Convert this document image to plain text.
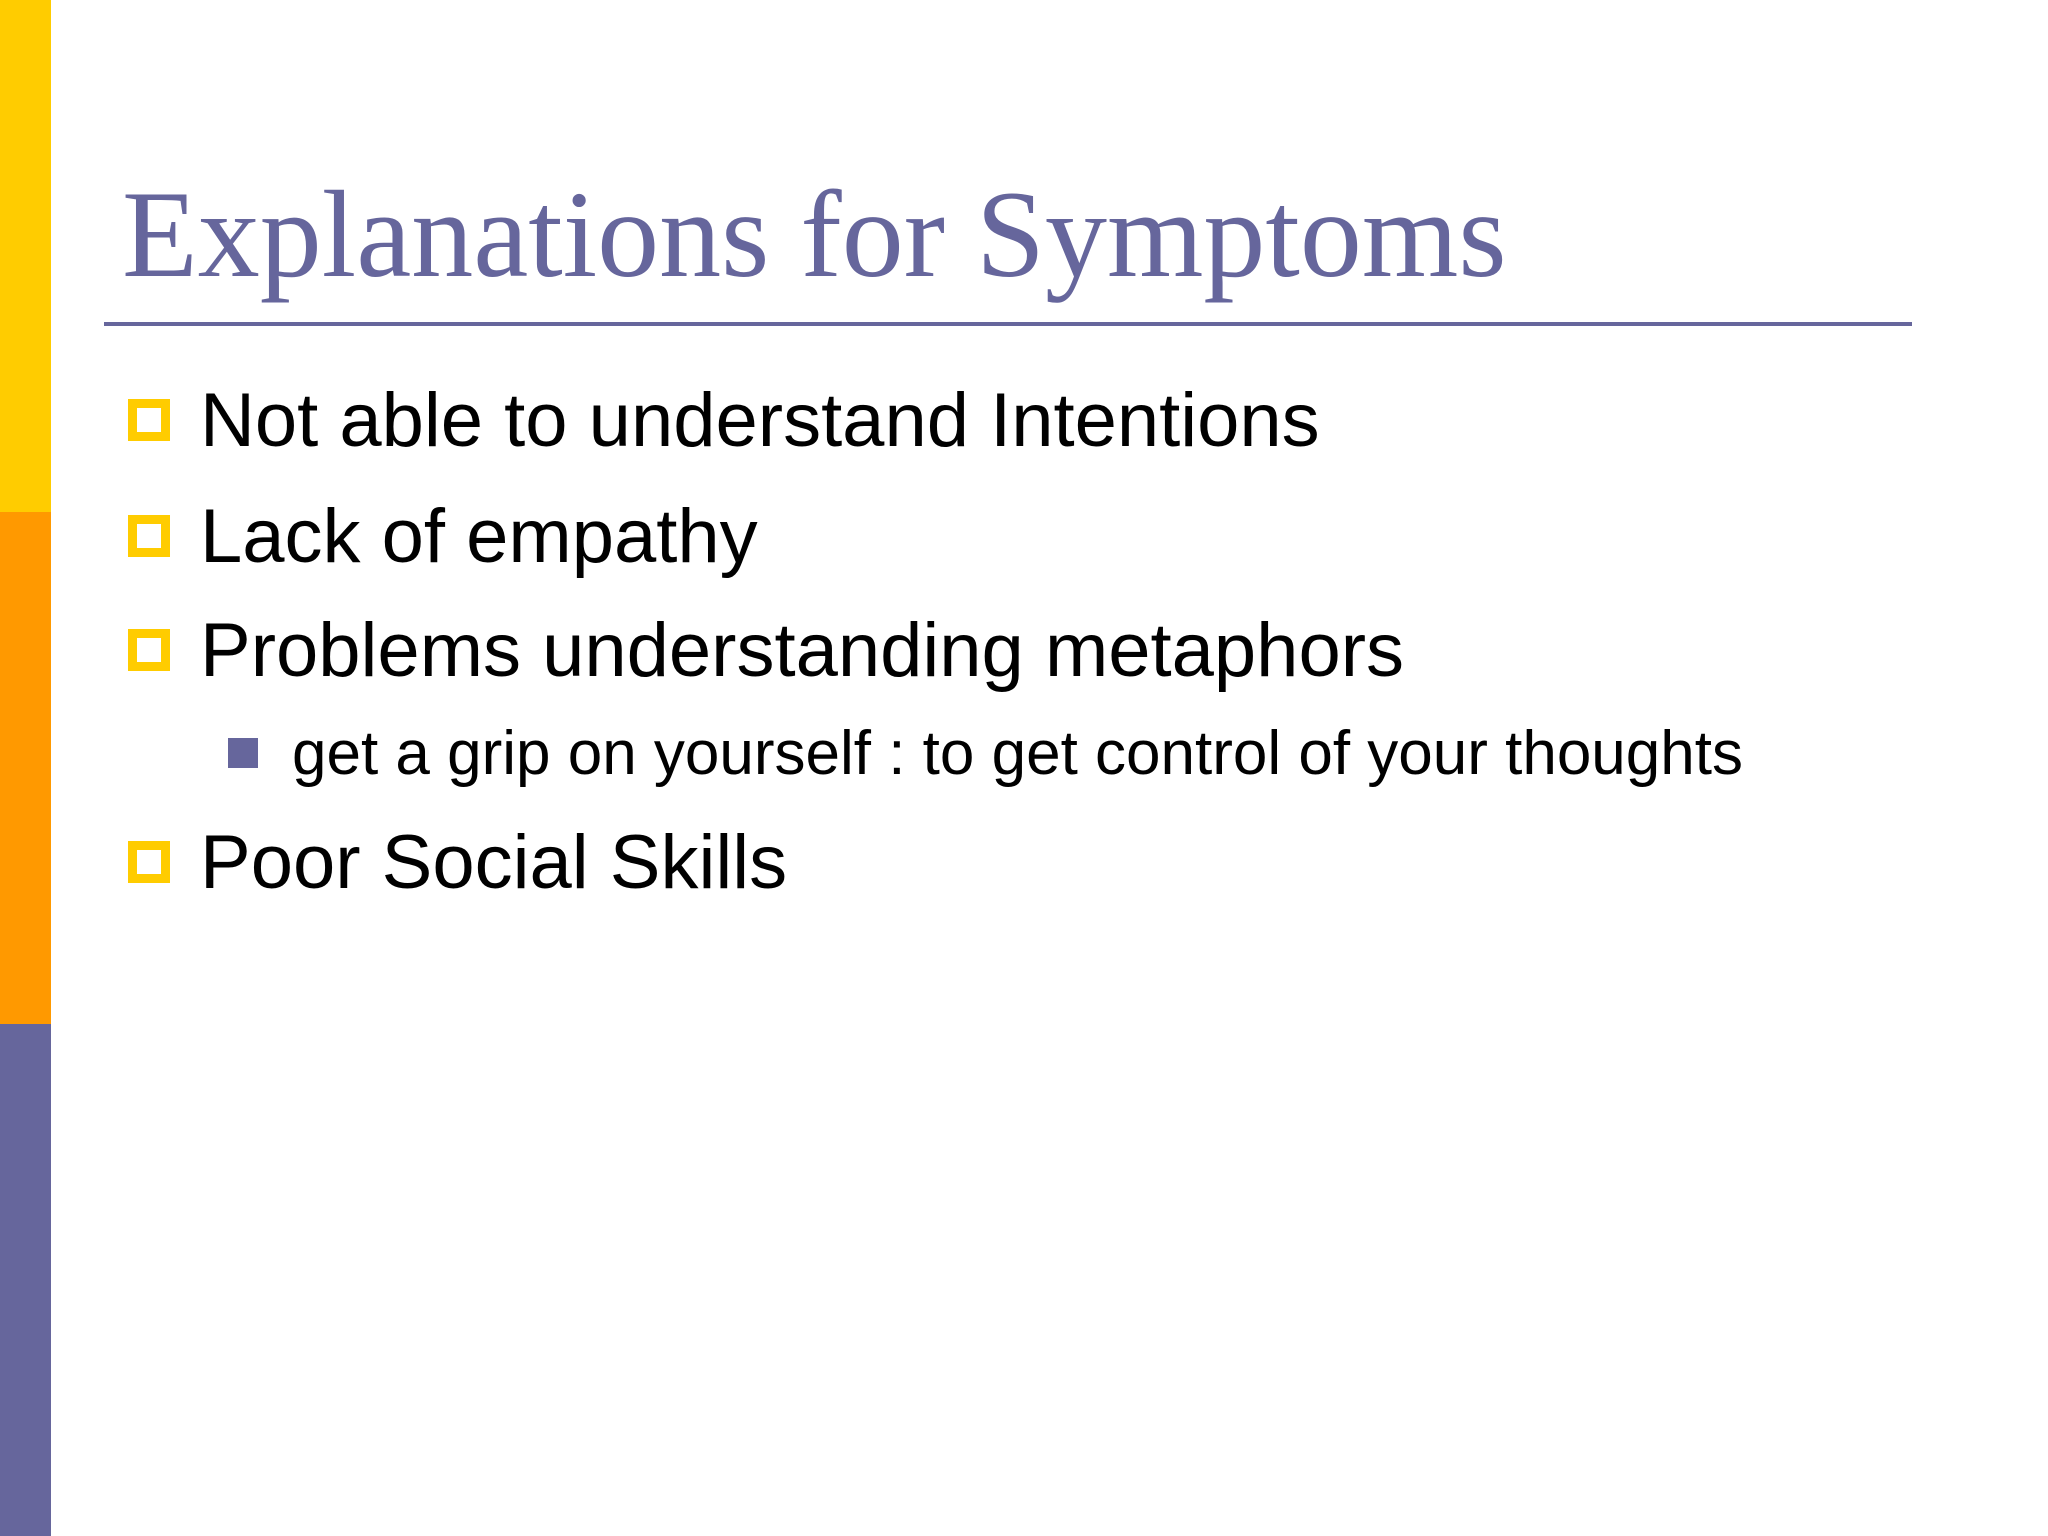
Explanations for Symptoms
Not able to understand Intentions
Lack of empathy
Problems understanding metaphors
get a grip on yourself : to get control of your thoughts
Poor Social Skills
